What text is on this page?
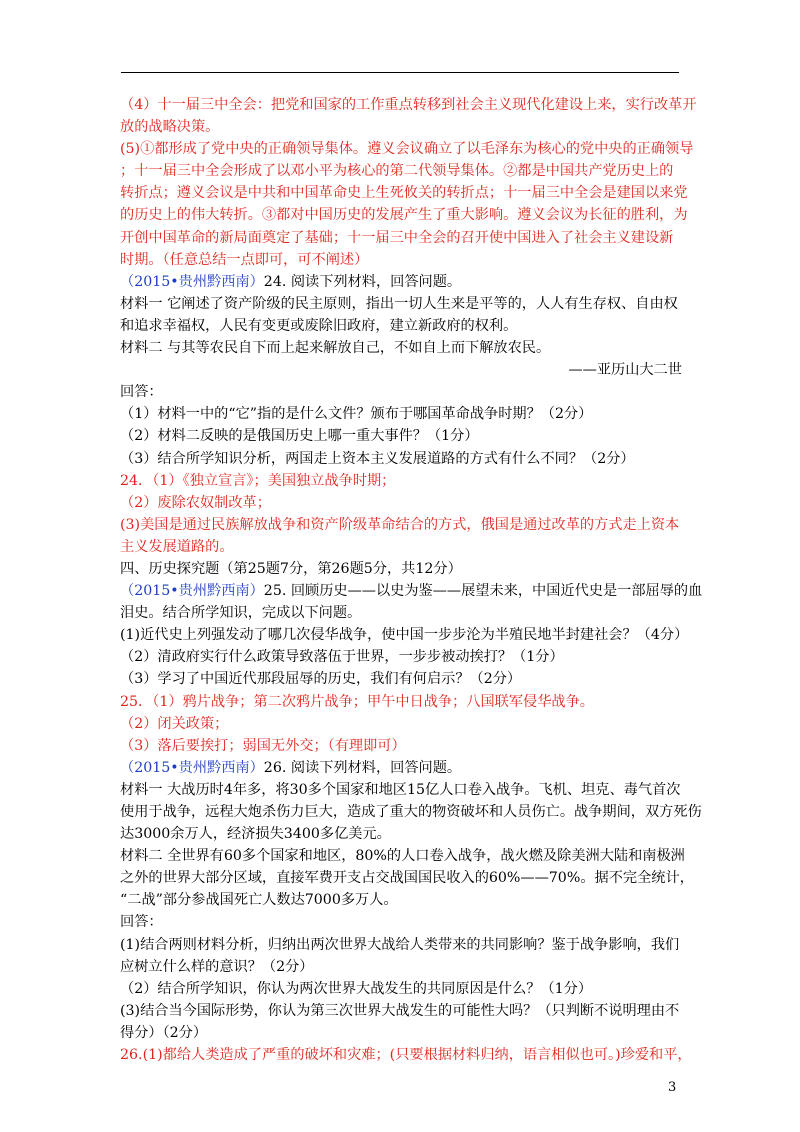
（4）十一届三中全会：把党和国家的工作重点转移到社会主义现代化建设上来，实行改革开
放的战略决策。
(5)①都形成了党中央的正确领导集体。遵义会议确立了以毛泽东为核心的党中央的正确领导
；十一届三中全会形成了以邓小平为核心的第二代领导集体。②都是中国共产党历史上的
转折点；遵义会议是中共和中国革命史上生死攸关的转折点；十一届三中全会是建国以来党
的历史上的伟大转折。③都对中国历史的发展产生了重大影响。遵义会议为长征的胜利，为
开创中国革命的新局面奠定了基础；十一届三中全会的召开使中国进入了社会主义建设新
时期。（任意总结一点即可，可不阐述）
（2015•贵州黔西南）24. 阅读下列材料，回答问题。
材料一 它阐述了资产阶级的民主原则，指出一切人生来是平等的，人人有生存权、自由权
和追求幸福权，人民有变更或废除旧政府，建立新政府的权利。
材料二 与其等农民自下而上起来解放自己，不如自上而下解放农民。
——亚历山大二世
回答：
（1）材料一中的“它”指的是什么文件？颁布于哪国革命战争时期？（2分）
（2）材料二反映的是俄国历史上哪一重大事件？（1分）
（3）结合所学知识分析，两国走上资本主义发展道路的方式有什么不同？（2分）
24．（1）《独立宣言》；美国独立战争时期；
（2）废除农奴制改革；
(3)美国是通过民族解放战争和资产阶级革命结合的方式，俄国是通过改革的方式走上资本
主义发展道路的。
四、历史探究题（第25题7分，第26题5分，共12分）
（2015•贵州黔西南）25. 回顾历史——以史为鉴——展望未来，中国近代史是一部屈辱的血
泪史。结合所学知识，完成以下问题。
(1)近代史上列强发动了哪几次侵华战争，使中国一步步沦为半殖民地半封建社会？（4分）
（2）清政府实行什么政策导致落伍于世界，一步步被动挨打？（1分）
（3）学习了中国近代那段屈辱的历史，我们有何启示？（2分）
25．（1）鸦片战争；第二次鸦片战争；甲午中日战争；八国联军侵华战争。
（2）闭关政策；
（3）落后要挨打；弱国无外交；（有理即可）
（2015•贵州黔西南）26. 阅读下列材料，回答问题。
材料一 大战历时4年多，将30多个国家和地区15亿人口卷入战争。飞机、坦克、毒气首次
使用于战争，远程大炮杀伤力巨大，造成了重大的物资破坏和人员伤亡。战争期间，双方死伤
达3000余万人，经济损失3400多亿美元。
材料二 全世界有60多个国家和地区，80%的人口卷入战争，战火燃及除美洲大陆和南极洲
之外的世界大部分区域，直接军费开支占交战国国民收入的60%——70%。据不完全统计，
“二战”部分参战国死亡人数达7000多万人。
回答：
(1)结合两则材料分析，归纳出两次世界大战给人类带来的共同影响？鉴于战争影响，我们
应树立什么样的意识？（2分）
（2）结合所学知识，你认为两次世界大战发生的共同原因是什么？（1分）
(3)结合当今国际形势，你认为第三次世界大战发生的可能性大吗？（只判断不说明理由不
得分）（2分）
26.(1)都给人类造成了严重的破坏和灾难；(只要根据材料归纳，语言相似也可。)珍爱和平，
3
